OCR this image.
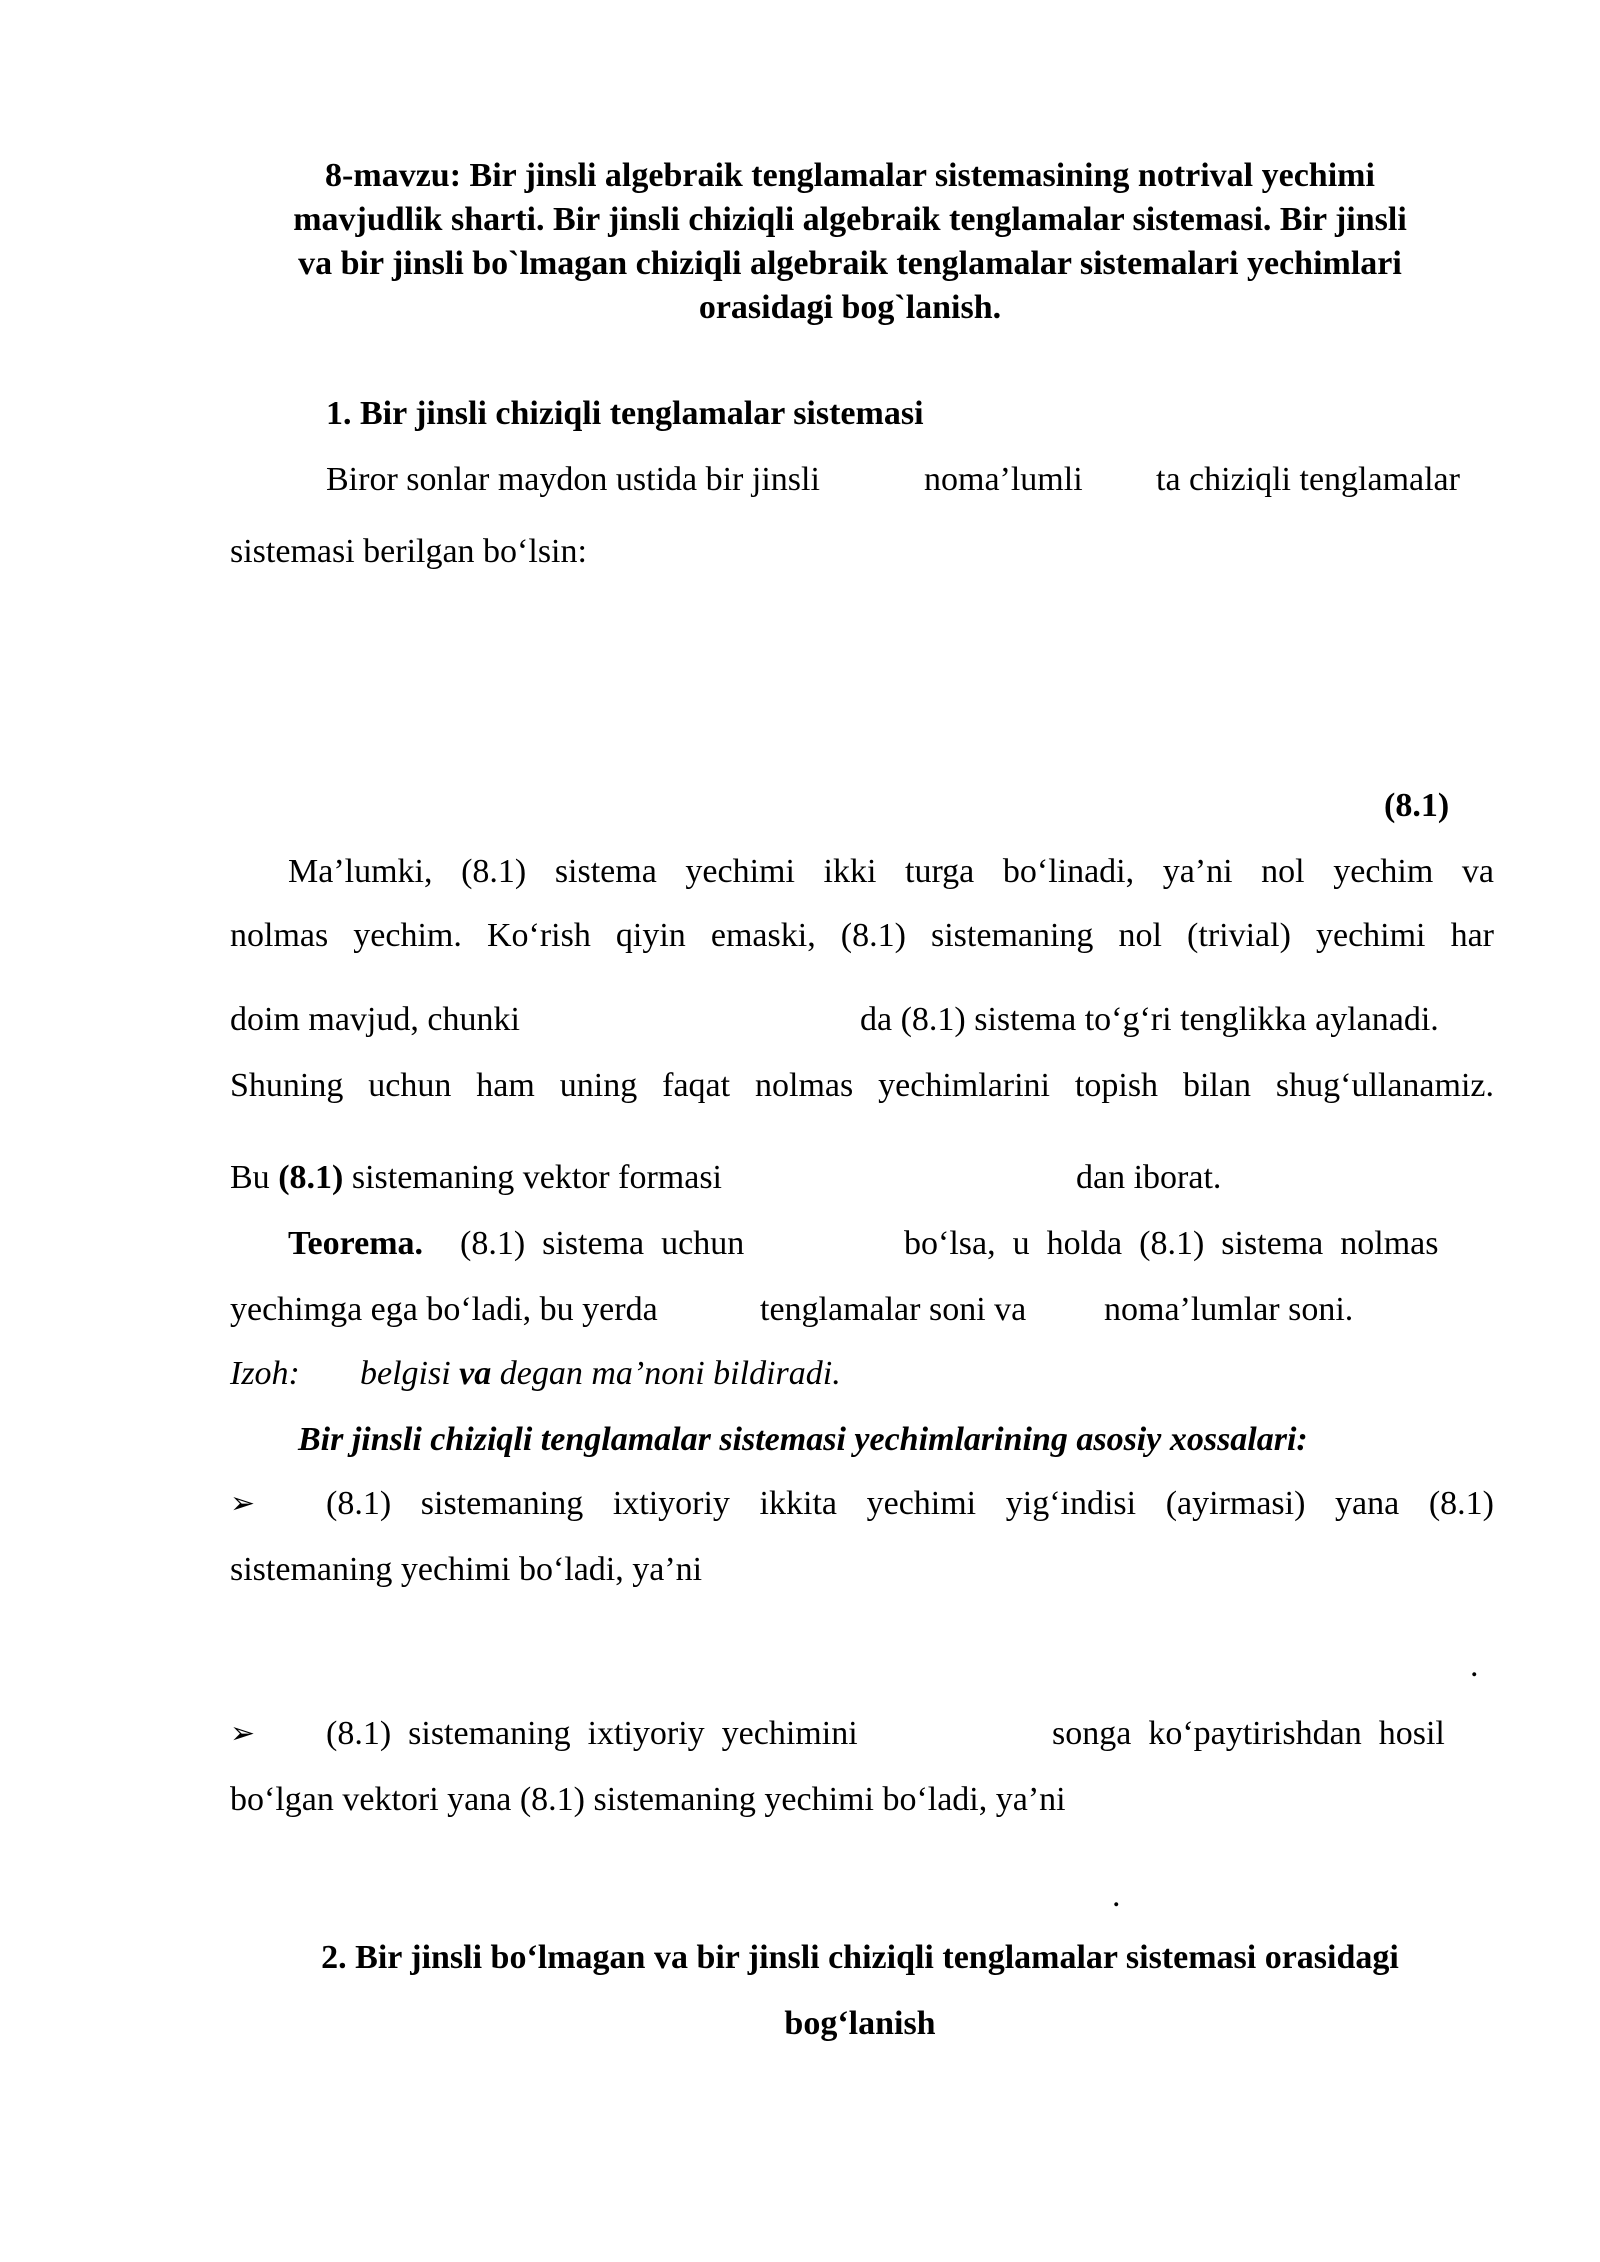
8-mavzu: Bir jinsli algebraik tenglamalar sistemasining notrival yechimi
mavjudlik sharti. Bir jinsli chiziqli algebraik tenglamalar sistemasi. Bir jinsli
va bir jinsli bo`lmagan chiziqli algebraik tenglamalar sistemalari yechimlari
orasidagi bog`lanish.
1. Bir jinsli chiziqli tenglamalar sistemasi
Biror sonlar maydon ustida bir jinsli	noma’lumli ta chiziqli tenglamalar
sistemasi berilgan bo‘lsin:
(8.1)
Ma’lumki, (8.1) sistema yechimi ikki turga bo‘linadi, ya’ni nol yechim va
nolmas yechim. Ko‘rish qiyin emaski, (8.1) sistemaning nol (trivial) yechimi har
doim mavjud, chunki	da (8.1) sistema to‘g‘ri tenglikka aylanadi.
Shuning uchun ham uning faqat nolmas yechimlarini topish bilan shug‘ullanamiz.
Bu (8.1) sistemaning vektor formasi	dan iborat.
Teorema. (8.1)  sistema  uchun	bo‘lsa,  u  holda  (8.1)  sistema  nolmas
yechimga ega bo‘ladi, bu yerda	tenglamalar soni va noma’lumlar soni.
Izoh: belgisi va degan ma’noni bildiradi.
Bir jinsli chiziqli tenglamalar sistemasi yechimlarining asosiy xossalari:
➢ (8.1) sistemaning ixtiyoriy ikkita yechimi yig‘indisi (ayirmasi) yana (8.1)
sistemaning yechimi bo‘ladi, ya’ni
.
➢ (8.1)  sistemaning  ixtiyoriy  yechimini	songa  ko‘paytirishdan  hosil
bo‘lgan vektori yana (8.1) sistemaning yechimi bo‘ladi, ya’ni
.
2. Bir jinsli bo‘lmagan va bir jinsli chiziqli tenglamalar sistemasi orasidagi
bog‘lanish
